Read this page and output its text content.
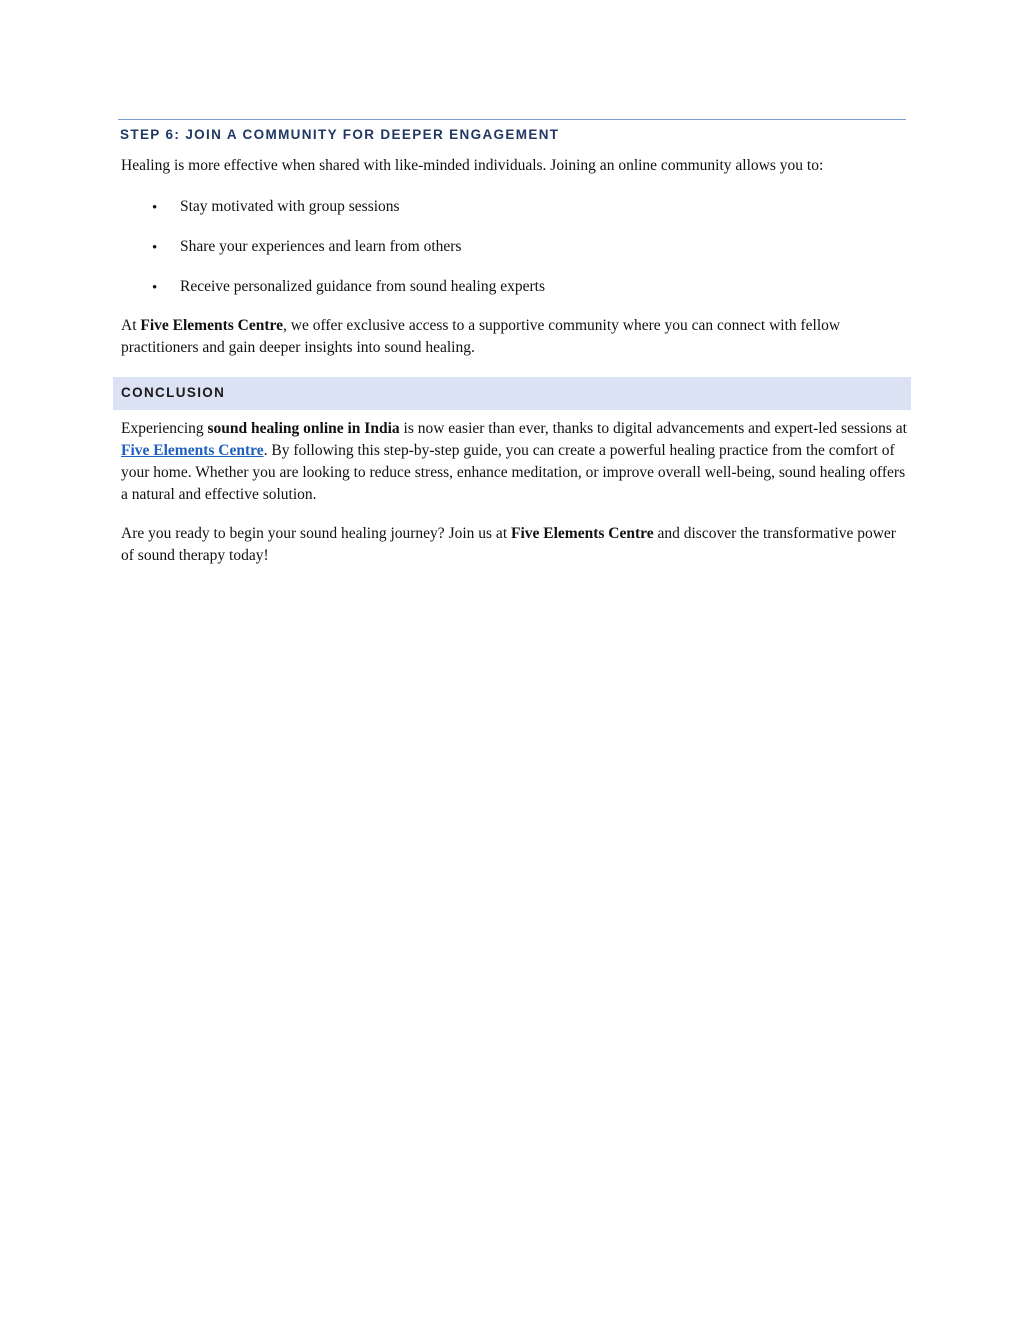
STEP 6: JOIN A COMMUNITY FOR DEEPER ENGAGEMENT

Healing is more effective when shared with like-minded individuals. Joining an online community allows you to:

• Stay motivated with group sessions
• Share your experiences and learn from others
• Receive personalized guidance from sound healing experts

At Five Elements Centre, we offer exclusive access to a supportive community where you can connect with fellow practitioners and gain deeper insights into sound healing.

CONCLUSION

Experiencing sound healing online in India is now easier than ever, thanks to digital advancements and expert-led sessions at Five Elements Centre. By following this step-by-step guide, you can create a powerful healing practice from the comfort of your home. Whether you are looking to reduce stress, enhance meditation, or improve overall well-being, sound healing offers a natural and effective solution.

Are you ready to begin your sound healing journey? Join us at Five Elements Centre and discover the transformative power of sound therapy today!
